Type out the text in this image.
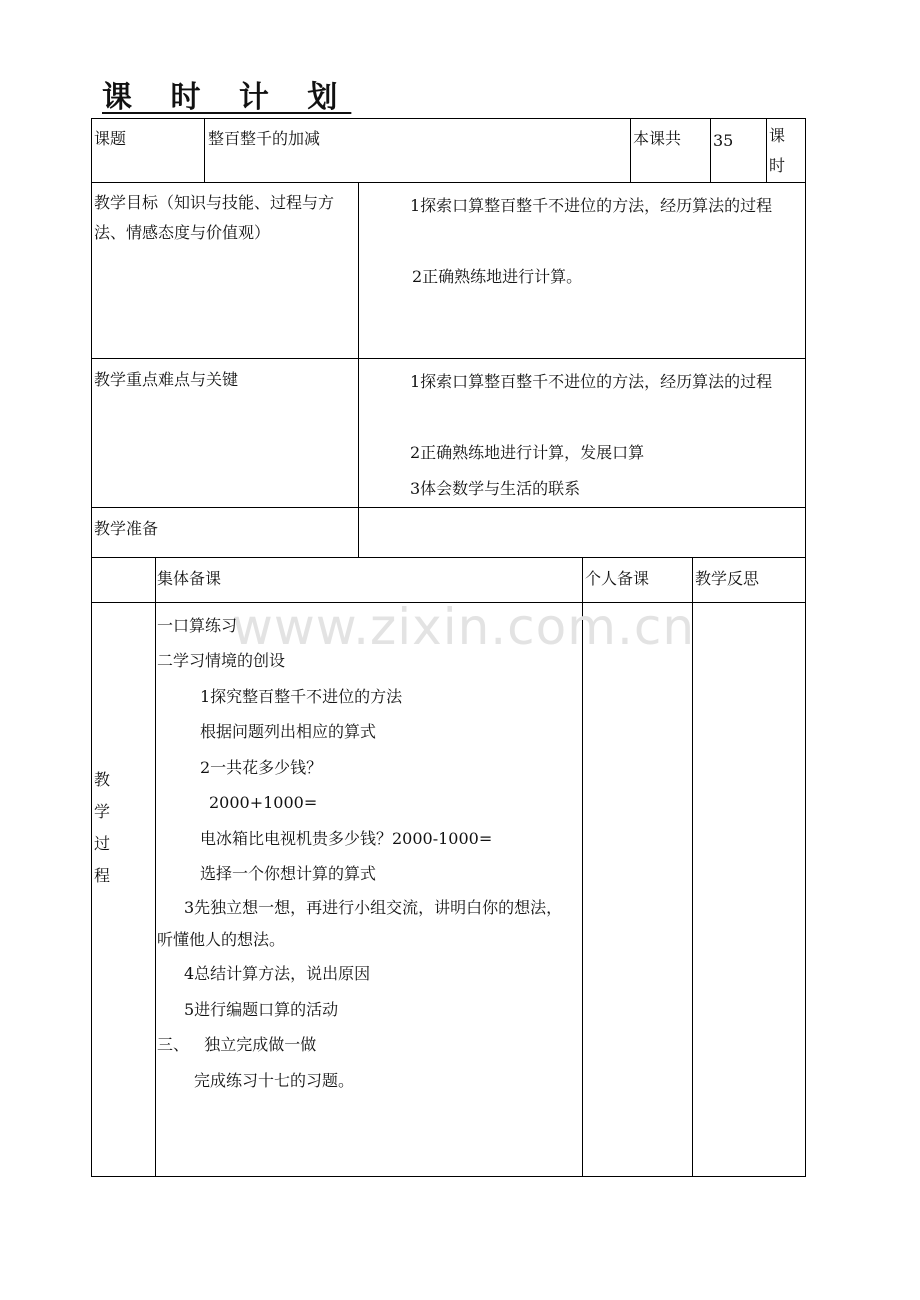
课 时 计 划
课题	整百整千的加减	本课共 35 课时
教学目标（知识与技能、过程与方法、情感态度与价值观）
1探索口算整百整千不进位的方法，经历算法的过程
2正确熟练地进行计算。
教学重点难点与关键	1探索口算整百整千不进位的方法，经历算法的过程
2正确熟练地进行计算，发展口算
3体会数学与生活的联系
教学准备
集体备课	个人备课	教学反思
www.zixin.com.cn
教学过程
一口算练习
二学习情境的创设
1探究整百整千不进位的方法
根据问题列出相应的算式
2一共花多少钱？
2000+1000=
电冰箱比电视机贵多少钱？2000-1000=
选择一个你想计算的算式
3先独立想一想，再进行小组交流，讲明白你的想法，听懂他人的想法。
4总结计算方法，说出原因
5进行编题口算的活动
三、   独立完成做一做
完成练习十七的习题。
